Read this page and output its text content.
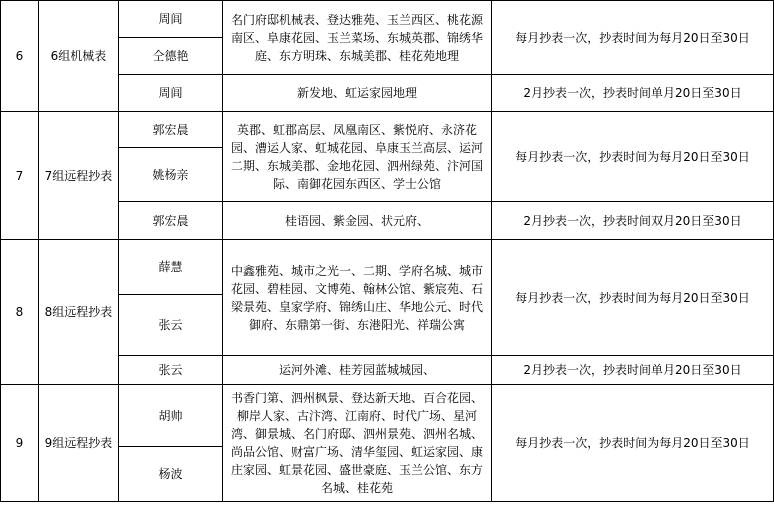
6	6组机械表	周闾	名门府邸机械表、登达雅苑、玉兰西区、桃花源南区、阜康花园、玉兰菜场、东城英郡、锦绣华庭、东方明珠、东城美郡、桂花苑地理	每月抄表一次，抄表时间为每月20日至30日
		仝德艳		
		周闾	新发地、虹运家园地理	2月抄表一次，抄表时间单月20日至30日
7	7组远程抄表	郭宏晨	英郡、虹郡高层、凤凰南区、紫悦府、永济花园、漕运人家、虹城花园、阜康玉兰高层、运河二期、东城美郡、金地花园、泗州绿苑、汴河国际、南御花园东西区、学士公馆	每月抄表一次，抄表时间为每月20日至30日
		姚杨亲		
		郭宏晨	桂语园、紫金园、状元府、	2月抄表一次，抄表时间双月20日至30日
8	8组远程抄表	薛慧	中鑫雅苑、城市之光一、二期、学府名城、城市花园、碧桂园、文博苑、翰林公馆、紫宸苑、石梁景苑、皇家学府、锦绣山庄、华地公元、时代御府、东鼎第一街、东港阳光、祥瑞公寓	每月抄表一次，抄表时间为每月20日至30日
		张云		
		张云	运河外滩、桂芳园蓝城城园、	2月抄表一次，抄表时间单月20日至30日
9	9组远程抄表	胡帅	书香门第、泗州枫景、登达新天地、百合花园、柳岸人家、古汴湾、江南府、时代广场、星河湾、御景城、名门府邸、泗州景苑、泗州名城、尚品公馆、财富广场、清华玺园、虹运家园、康庄家园、虹景花园、盛世豪庭、玉兰公馆、东方名城、桂花苑	每月抄表一次，抄表时间为每月20日至30日
		杨波		
